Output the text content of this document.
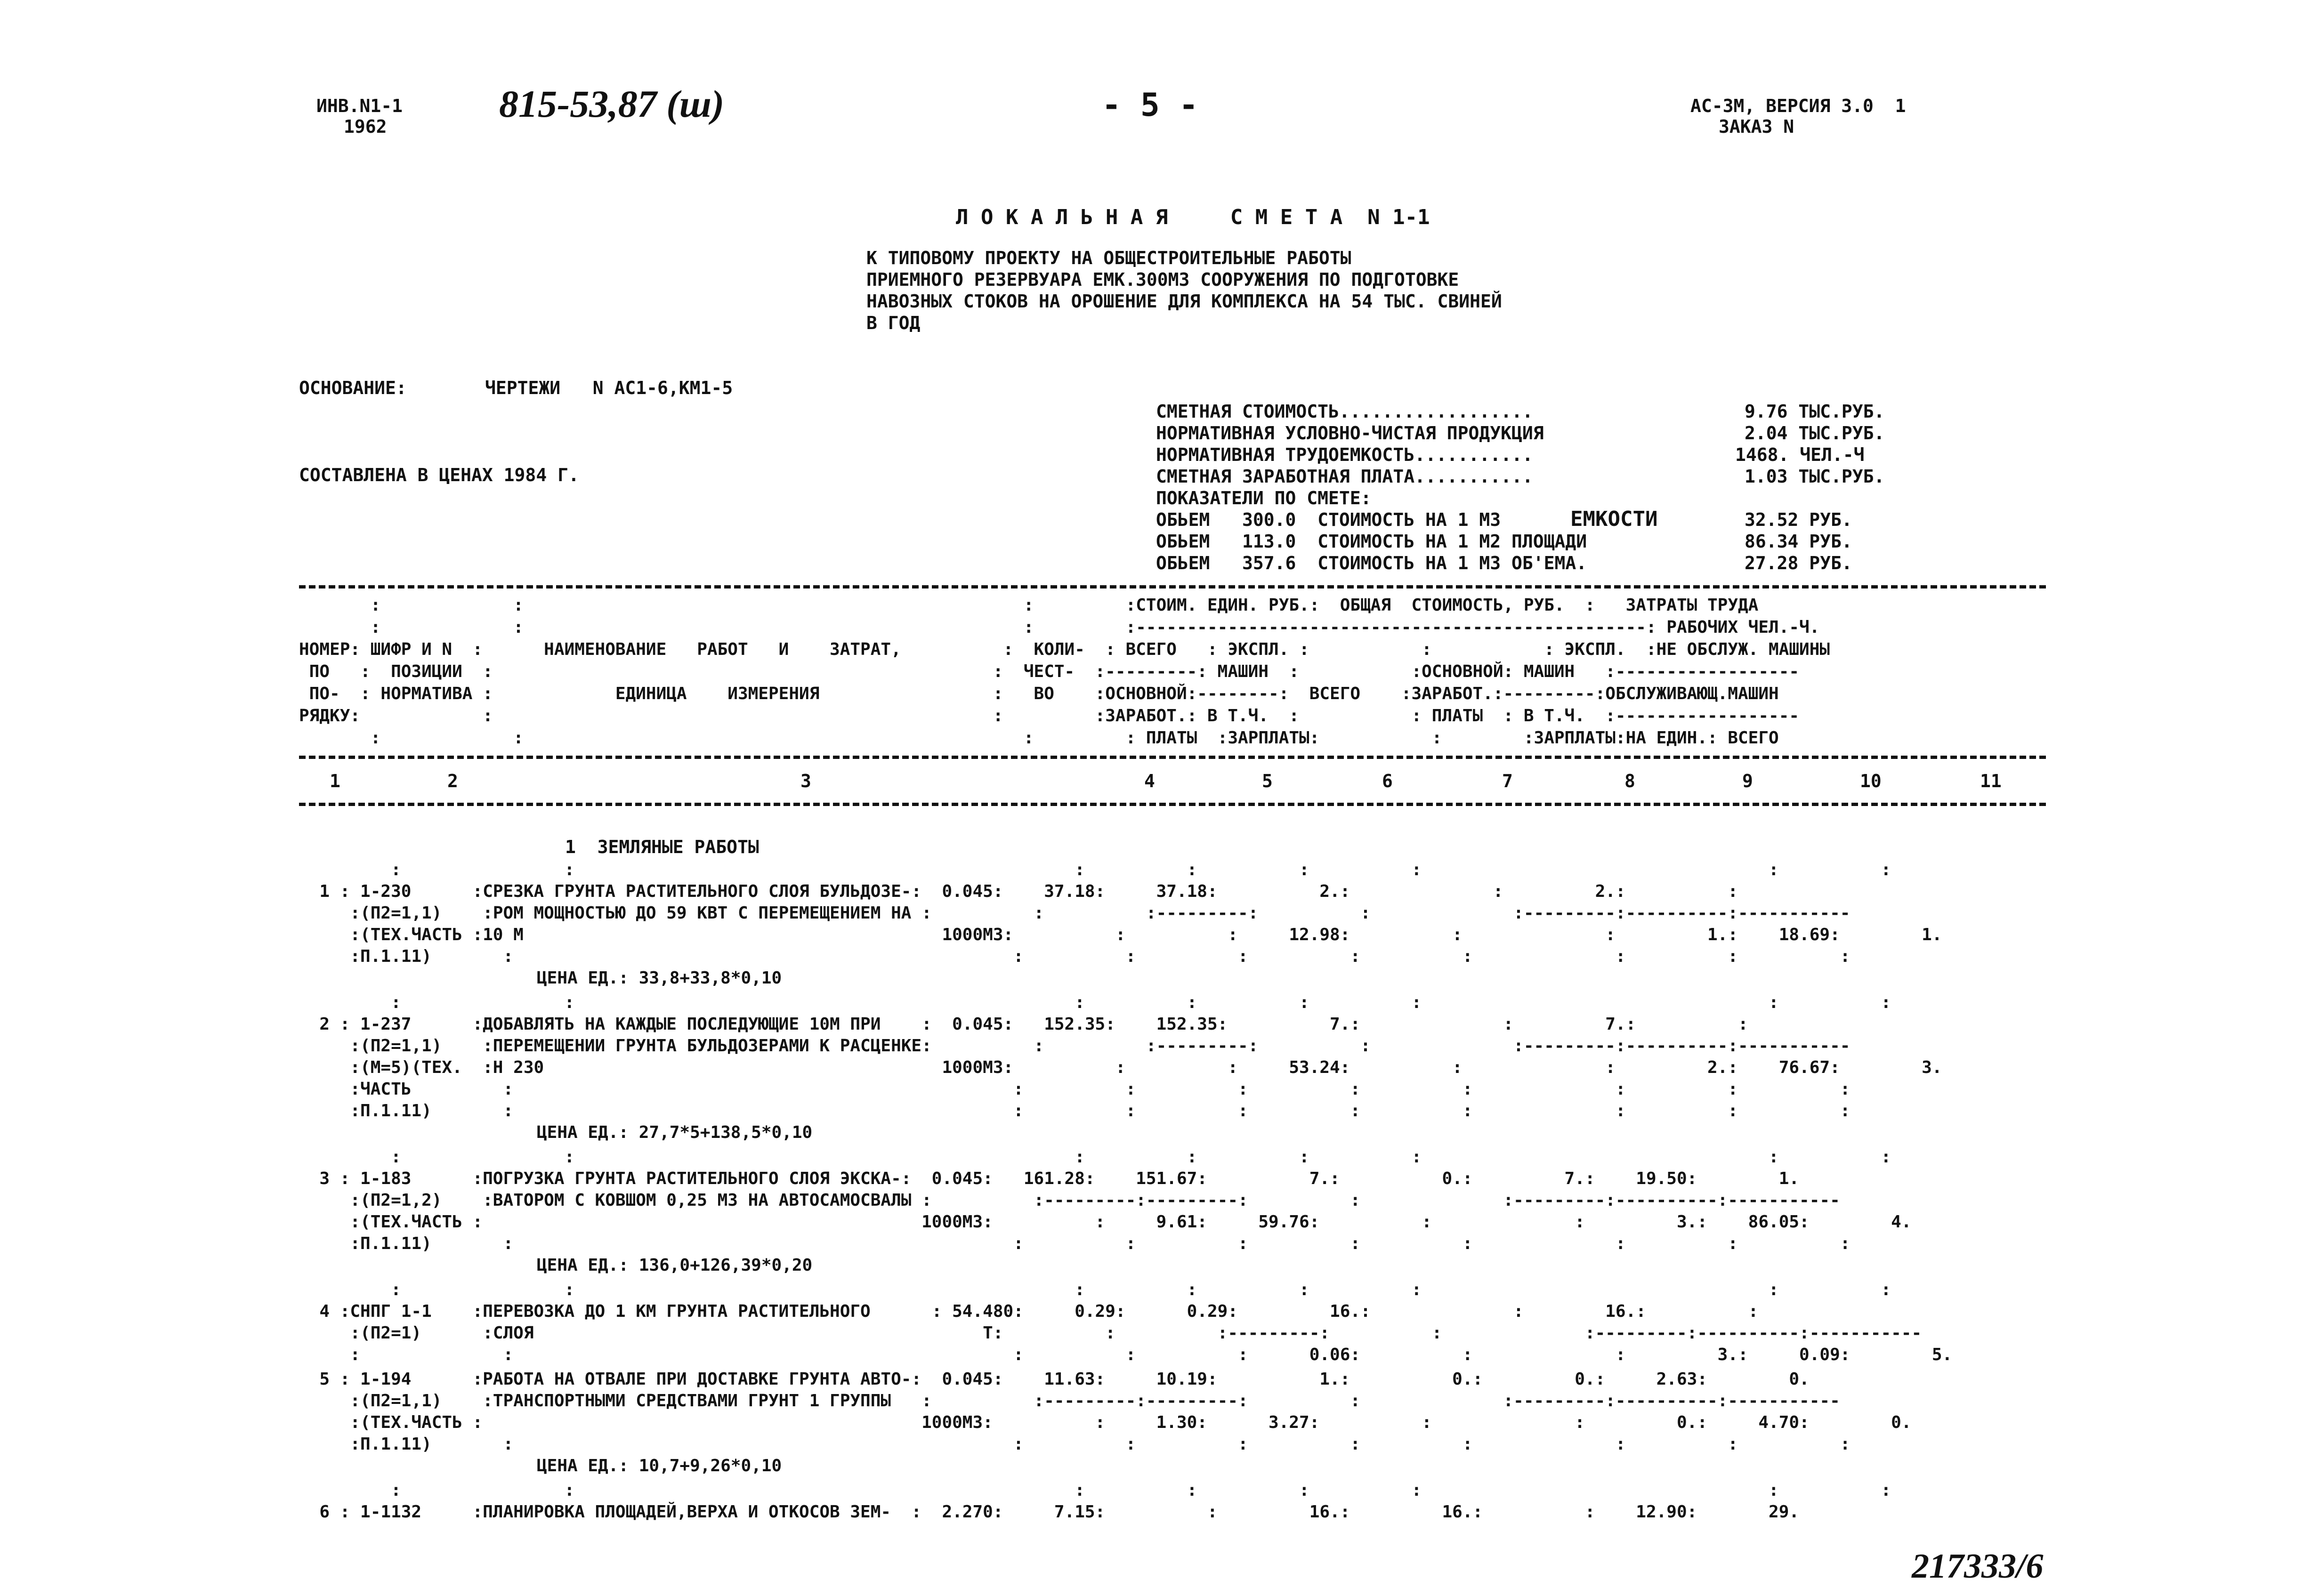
ИНВ.N1-1
1962
815-53,87 (ш)	- 5 -	АС-3М, ВЕРСИЯ 3.0  1
ЗАКАЗ N
Л О К А Л Ь Н А Я     С М Е Т А  N 1-1
К ТИПОВОМУ ПРОЕКТУ НА ОБЩЕСТРОИТЕЛЬНЫЕ РАБОТЫ
ПРИЕМНОГО РЕЗЕРВУАРА ЕМК.300М3 СООРУЖЕНИЯ ПО ПОДГОТОВКЕ
НАВОЗНЫХ СТОКОВ НА ОРОШЕНИЕ ДЛЯ КОМПЛЕКСА НА 54 ТЫС. СВИНЕЙ
В ГОД
ОСНОВАНИЕ:	ЧЕРТЕЖИ   N АС1-6,КМ1-5
СОСТАВЛЕНА В ЦЕНАХ 1984 Г.
СМЕТНАЯ СТОИМОСТЬ..................	9.76 ТЫС.РУБ.
НОРМАТИВНАЯ УСЛОВНО-ЧИСТАЯ ПРОДУКЦИЯ	2.04 ТЫС.РУБ.
НОРМАТИВНАЯ ТРУДОЕМКОСТЬ...........	1468. ЧЕЛ.-Ч
СМЕТНАЯ ЗАРАБОТНАЯ ПЛАТА...........	1.03 ТЫС.РУБ.
ПОКАЗАТЕЛИ ПО СМЕТЕ:
ОБЬЕМ   300.0  СТОИМОСТЬ НА 1 М3	ЕМКОСТИ	32.52 РУБ.
ОБЬЕМ   113.0  СТОИМОСТЬ НА 1 М2 ПЛОЩАДИ	86.34 РУБ.
ОБЬЕМ   357.6  СТОИМОСТЬ НА 1 М3 ОБ'ЕМА.	27.28 РУБ.
:             :                                                 :         :СТОИМ. ЕДИН. РУБ.:  ОБЩАЯ  СТОИМОСТЬ, РУБ.  :   ЗАТРАТЫ ТРУДА
:             :                                                 :         :--------------------------------------------------: РАБОЧИХ ЧЕЛ.-Ч.
НОМЕР: ШИФР И N  :      НАИМЕНОВАНИЕ   РАБОТ   И    ЗАТРАТ,          :  КОЛИ-  : ВСЕГО   : ЭКСПЛ. :           :           : ЭКСПЛ.  :НЕ ОБСЛУЖ. МАШИНЫ
ПО   :  ПОЗИЦИИ  :                                                 :  ЧЕСТ-  :---------: МАШИН  :           :ОСНОВНОЙ: МАШИН   :------------------
ПО-  : НОРМАТИВА :            ЕДИНИЦА    ИЗМЕРЕНИЯ                 :   ВО    :ОСНОВНОЙ:--------:  ВСЕГО    :ЗАРАБОТ.:---------:ОБСЛУЖИВАЮЩ.МАШИН
РЯДКУ:            :                                                 :         :ЗАРАБОТ.: В Т.Ч.  :           : ПЛАТЫ  : В Т.Ч.  :------------------
:             :                                                 :         : ПЛАТЫ  :ЗАРПЛАТЫ:           :        :ЗАРПЛАТЫ:НА ЕДИН.: ВСЕГО
1	2	3	4	5	6	7	8	9	10	11
1  ЗЕМЛЯНЫЕ РАБОТЫ
:                :                                                 :          :          :          :                                  :          :
1 : 1-230      :СРЕЗКА ГРУНТА РАСТИТЕЛЬНОГО СЛОЯ БУЛЬДОЗЕ-:  0.045:    37.18:     37.18:          2.:              :         2.:          :
:(П2=1,1)    :РОМ МОЩНОСТЬЮ ДО 59 КВТ С ПЕРЕМЕЩЕНИЕМ НА :          :          :---------:          :              :---------:----------:-----------
:(ТЕХ.ЧАСТЬ :10 М                                         1000М3:          :          :     12.98:          :              :         1.:    18.69:        1.
:П.1.11)       :                                                 :          :          :          :          :              :          :          :
ЦЕНА ЕД.: 33,8+33,8*0,10
:                :                                                 :          :          :          :                                  :          :
2 : 1-237      :ДОБАВЛЯТЬ НА КАЖДЫЕ ПОСЛЕДУЮЩИЕ 10М ПРИ    :  0.045:   152.35:    152.35:          7.:              :         7.:          :
:(П2=1,1)    :ПЕРЕМЕЩЕНИИ ГРУНТА БУЛЬДОЗЕРАМИ К РАСЦЕНКЕ:          :          :---------:          :              :---------:----------:-----------
:(М=5)(ТЕХ.  :Н 230                                       1000М3:          :          :     53.24:          :              :         2.:    76.67:        3.
:ЧАСТЬ         :                                                 :          :          :          :          :              :          :          :
:П.1.11)       :                                                 :          :          :          :          :              :          :          :
ЦЕНА ЕД.: 27,7*5+138,5*0,10
:                :                                                 :          :          :          :                                  :          :
3 : 1-183      :ПОГРУЗКА ГРУНТА РАСТИТЕЛЬНОГО СЛОЯ ЭКСКА-:  0.045:   161.28:    151.67:          7.:          0.:         7.:    19.50:        1.
:(П2=1,2)    :ВАТОРОМ С КОВШОМ 0,25 М3 НА АВТОСАМОСВАЛЫ :          :---------:---------:          :              :---------:----------:-----------
:(ТЕХ.ЧАСТЬ :                                           1000М3:          :     9.61:     59.76:          :              :         3.:    86.05:        4.
:П.1.11)       :                                                 :          :          :          :          :              :          :          :
ЦЕНА ЕД.: 136,0+126,39*0,20
:                :                                                 :          :          :          :                                  :          :
4 :СНПГ 1-1    :ПЕРЕВОЗКА ДО 1 КМ ГРУНТА РАСТИТЕЛЬНОГО      : 54.480:     0.29:      0.29:         16.:              :        16.:          :
:(П2=1)      :СЛОЯ                                            Т:          :          :---------:          :              :---------:----------:-----------
:              :                                                 :          :          :      0.06:          :              :         3.:     0.09:        5.
5 : 1-194      :РАБОТА НА ОТВАЛЕ ПРИ ДОСТАВКЕ ГРУНТА АВТО-:  0.045:    11.63:     10.19:          1.:          0.:         0.:     2.63:        0.
:(П2=1,1)    :ТРАНСПОРТНЫМИ СРЕДСТВАМИ ГРУНТ 1 ГРУППЫ   :          :---------:---------:          :              :---------:----------:-----------
:(ТЕХ.ЧАСТЬ :                                           1000М3:          :     1.30:      3.27:          :              :         0.:     4.70:        0.
:П.1.11)       :                                                 :          :          :          :          :              :          :          :
ЦЕНА ЕД.: 10,7+9,26*0,10
:                :                                                 :          :          :          :                                  :          :
6 : 1-1132     :ПЛАНИРОВКА ПЛОЩАДЕЙ,ВЕРХА И ОТКОСОВ ЗЕМ-  :  2.270:     7.15:          :         16.:         16.:          :    12.90:       29.
217333/6
